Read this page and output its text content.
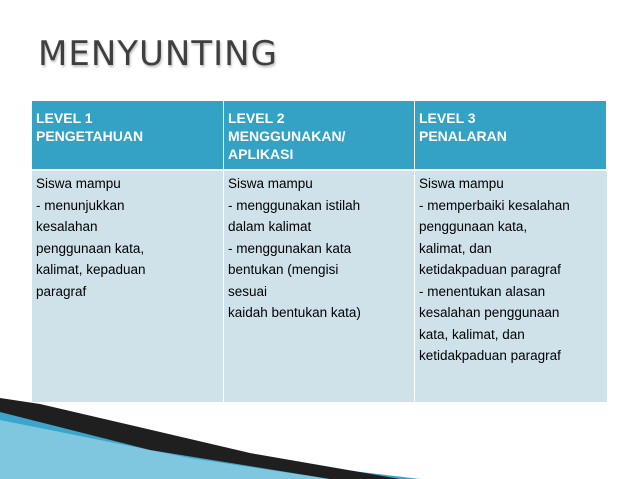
MENYUNTING
LEVEL 1
PENGETAHUAN
LEVEL 2
MENGGUNAKAN/
APLIKASI
LEVEL 3
PENALARAN
Siswa mampu
- menunjukkan
kesalahan
penggunaan kata,
kalimat, kepaduan
paragraf
Siswa mampu
- menggunakan istilah
dalam kalimat
- menggunakan kata
bentukan (mengisi
sesuai
kaidah bentukan kata)
Siswa mampu
- memperbaiki kesalahan
penggunaan kata,
kalimat, dan
ketidakpaduan paragraf
- menentukan alasan
kesalahan penggunaan
kata, kalimat, dan
ketidakpaduan paragraf
